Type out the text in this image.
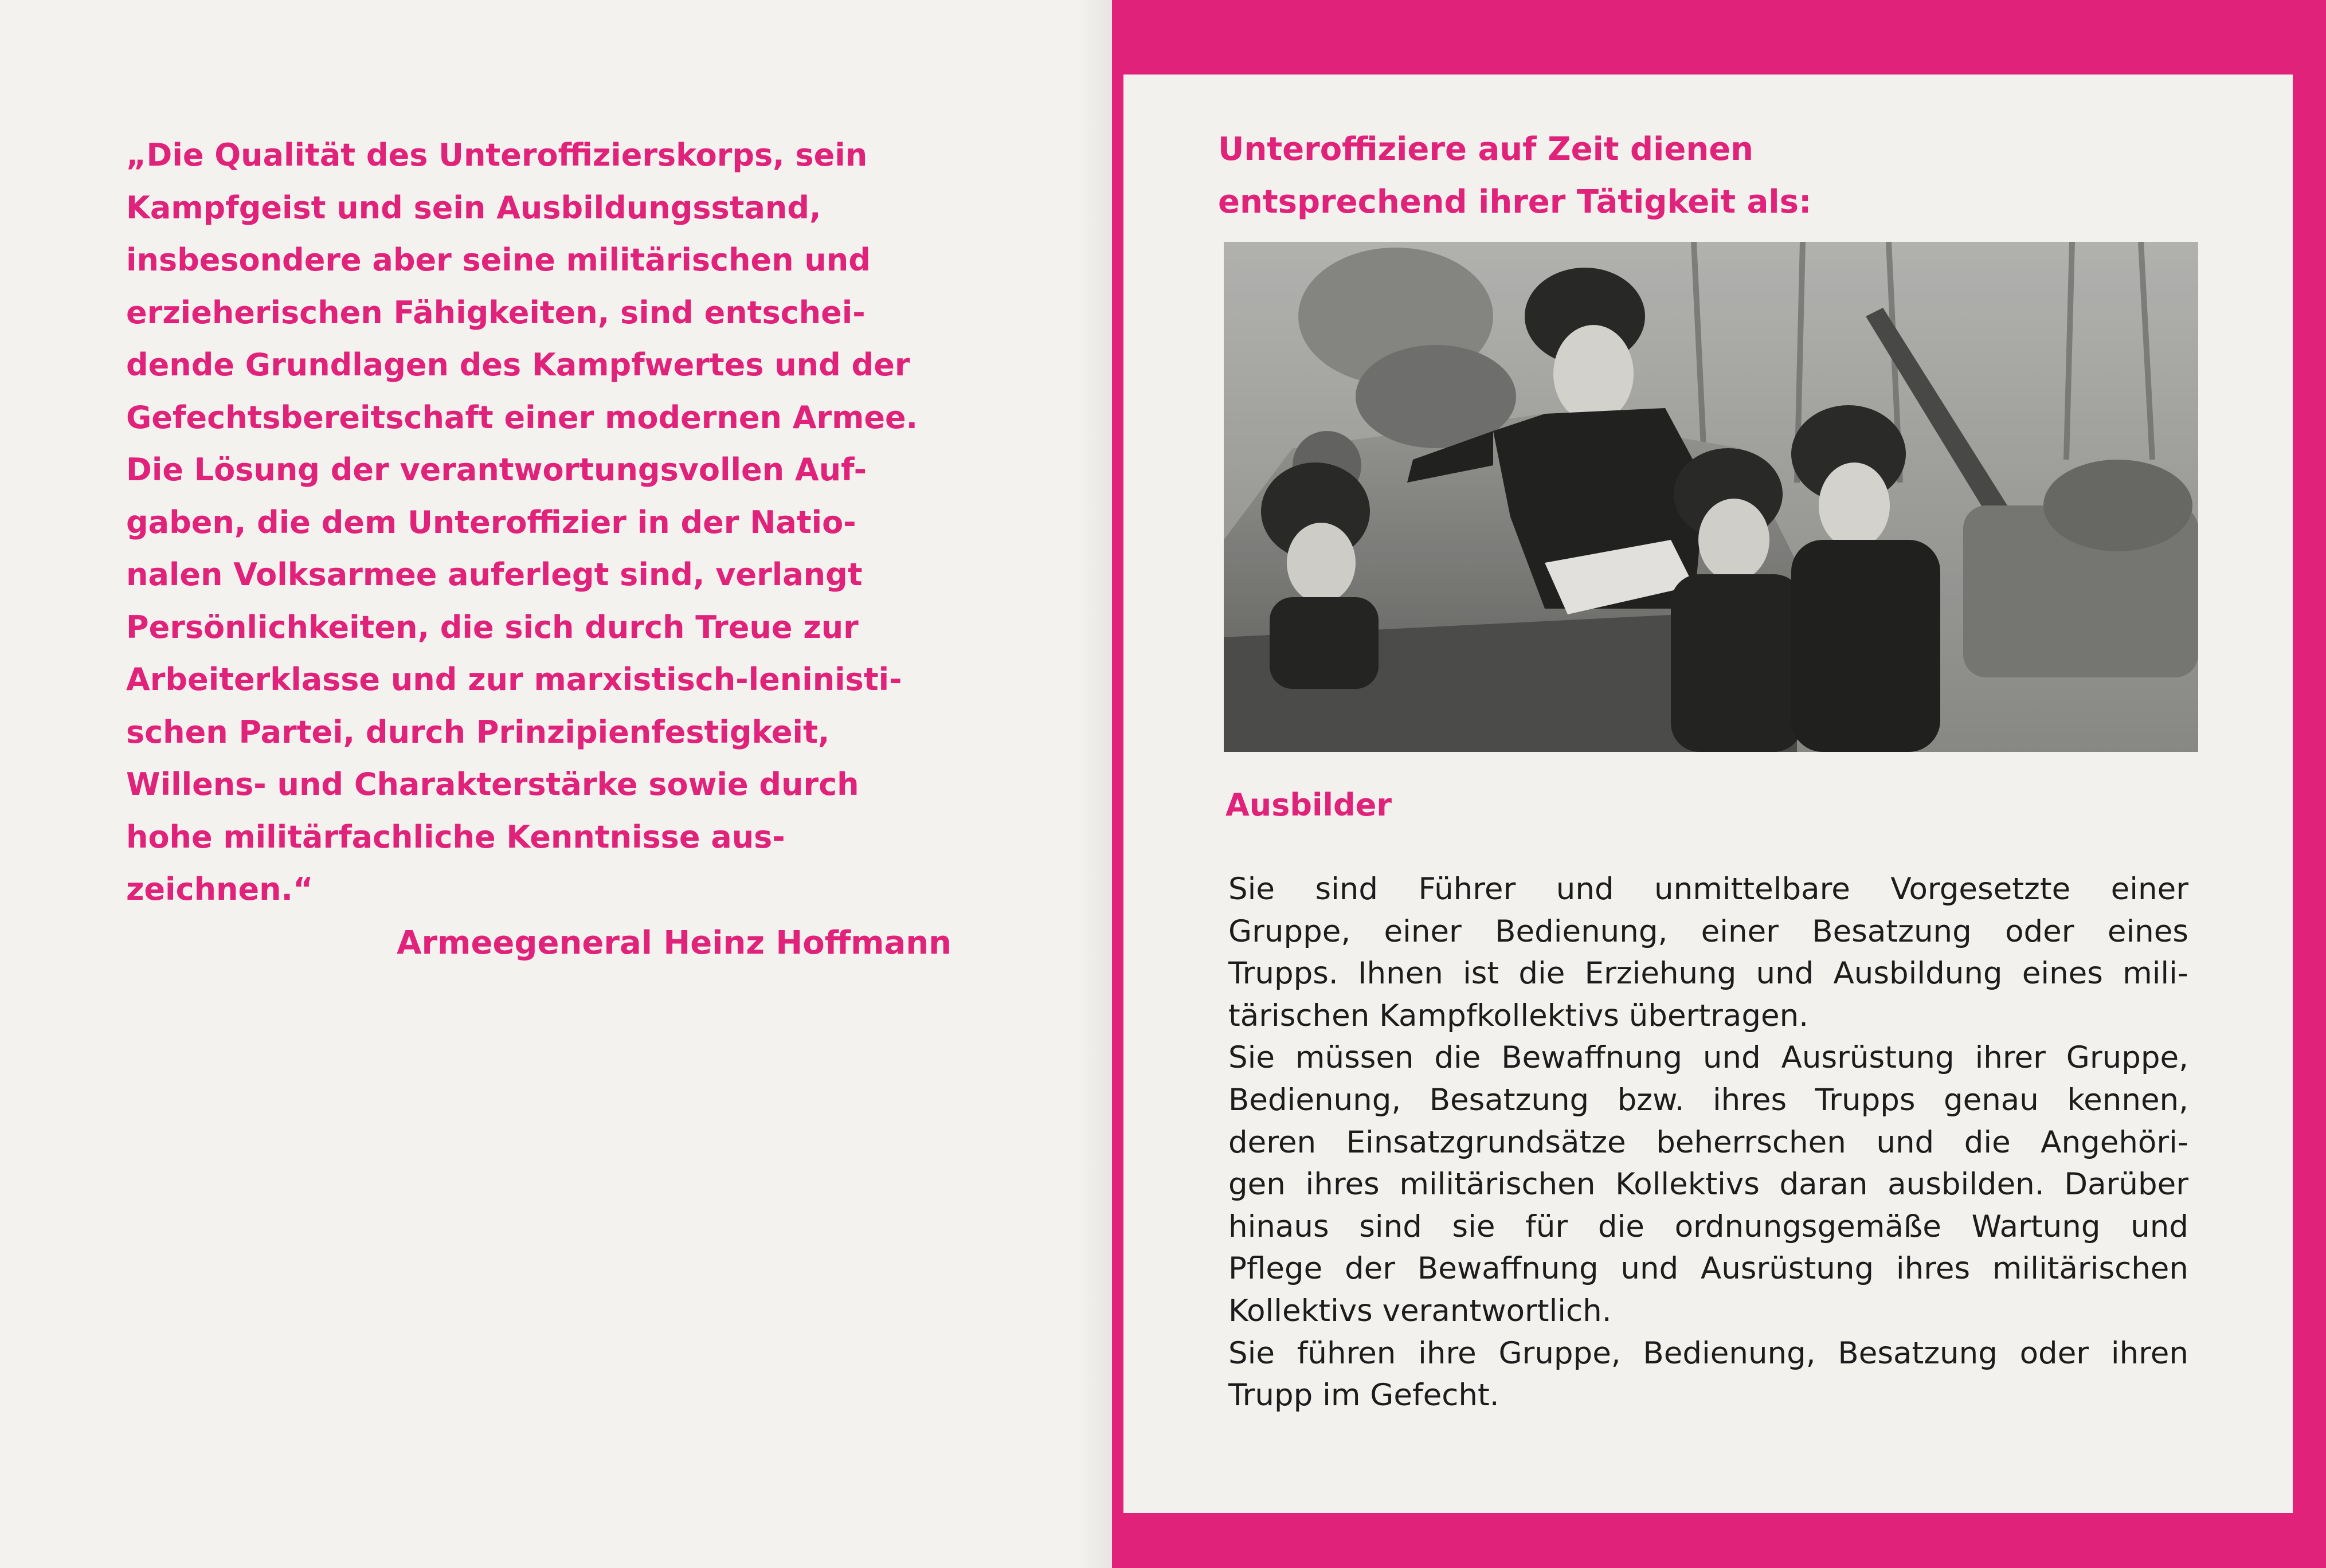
„Die Qualität des Unteroffizierskorps, sein
Kampfgeist und sein Ausbildungsstand,
insbesondere aber seine militärischen und
erzieherischen Fähigkeiten, sind entschei-
dende Grundlagen des Kampfwertes und der
Gefechtsbereitschaft einer modernen Armee.
Die Lösung der verantwortungsvollen Auf-
gaben, die dem Unteroffizier in der Natio-
nalen Volksarmee auferlegt sind, verlangt
Persönlichkeiten, die sich durch Treue zur
Arbeiterklasse und zur marxistisch-leninisti-
schen Partei, durch Prinzipienfestigkeit,
Willens- und Charakterstärke sowie durch
hohe militärfachliche Kenntnisse aus-
zeichnen.“
Armeegeneral Heinz Hoffmann
Unteroffiziere auf Zeit dienen
entsprechend ihrer Tätigkeit als:
Ausbilder
Sie sind Führer und unmittelbare Vorgesetzte einer
Gruppe, einer Bedienung, einer Besatzung oder eines
Trupps. Ihnen ist die Erziehung und Ausbildung eines mili-
tärischen Kampfkollektivs übertragen.
Sie müssen die Bewaffnung und Ausrüstung ihrer Gruppe,
Bedienung, Besatzung bzw. ihres Trupps genau kennen,
deren Einsatzgrundsätze beherrschen und die Angehöri-
gen ihres militärischen Kollektivs daran ausbilden. Darüber
hinaus sind sie für die ordnungsgemäße Wartung und
Pflege der Bewaffnung und Ausrüstung ihres militärischen
Kollektivs verantwortlich.
Sie führen ihre Gruppe, Bedienung, Besatzung oder ihren
Trupp im Gefecht.
